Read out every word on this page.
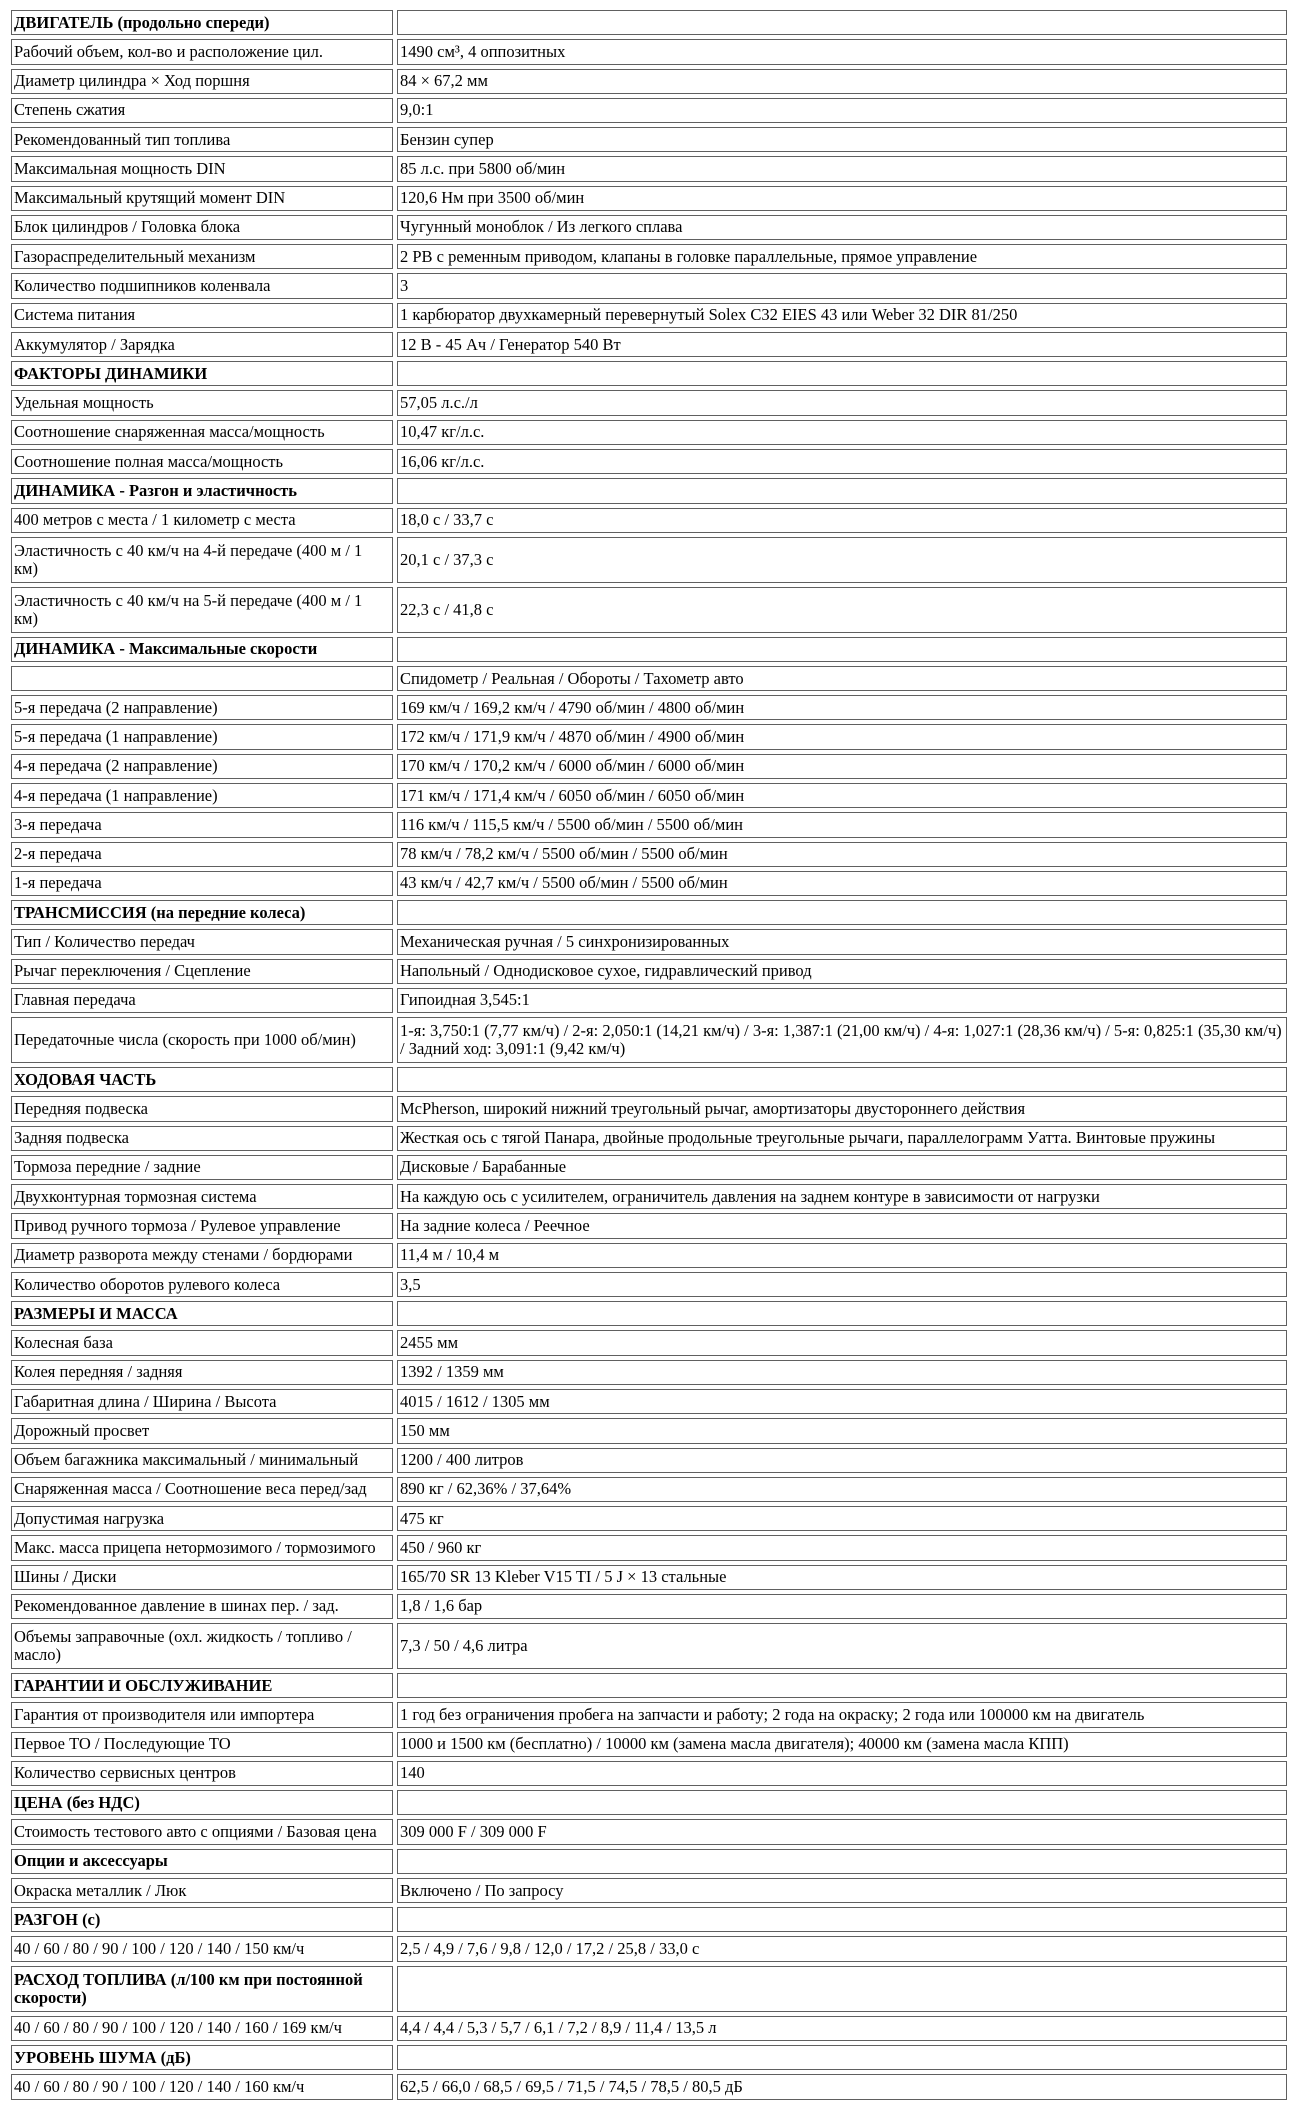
ДВИГАТЕЛЬ (продольно спереди)	
Рабочий объем, кол-во и расположение цил.	1490 см³, 4 оппозитных
Диаметр цилиндра × Ход поршня	84 × 67,2 мм
Степень сжатия	9,0:1
Рекомендованный тип топлива	Бензин супер
Максимальная мощность DIN	85 л.с. при 5800 об/мин
Максимальный крутящий момент DIN	120,6 Нм при 3500 об/мин
Блок цилиндров / Головка блока	Чугунный моноблок / Из легкого сплава
Газораспределительный механизм	2 РВ с ременным приводом, клапаны в головке параллельные, прямое управление
Количество подшипников коленвала	3
Система питания	1 карбюратор двухкамерный перевернутый Solex C32 EIES 43 или Weber 32 DIR 81/250
Аккумулятор / Зарядка	12 В - 45 Ач / Генератор 540 Вт
ФАКТОРЫ ДИНАМИКИ	
Удельная мощность	57,05 л.с./л
Соотношение снаряженная масса/мощность	10,47 кг/л.с.
Соотношение полная масса/мощность	16,06 кг/л.с.
ДИНАМИКА - Разгон и эластичность	
400 метров с места / 1 километр с места	18,0 с / 33,7 с
Эластичность с 40 км/ч на 4-й передаче (400 м / 1 км)	20,1 с / 37,3 с
Эластичность с 40 км/ч на 5-й передаче (400 м / 1 км)	22,3 с / 41,8 с
ДИНАМИКА - Максимальные скорости	
	Спидометр / Реальная / Обороты / Тахометр авто
5-я передача (2 направление)	169 км/ч / 169,2 км/ч / 4790 об/мин / 4800 об/мин
5-я передача (1 направление)	172 км/ч / 171,9 км/ч / 4870 об/мин / 4900 об/мин
4-я передача (2 направление)	170 км/ч / 170,2 км/ч / 6000 об/мин / 6000 об/мин
4-я передача (1 направление)	171 км/ч / 171,4 км/ч / 6050 об/мин / 6050 об/мин
3-я передача	116 км/ч / 115,5 км/ч / 5500 об/мин / 5500 об/мин
2-я передача	78 км/ч / 78,2 км/ч / 5500 об/мин / 5500 об/мин
1-я передача	43 км/ч / 42,7 км/ч / 5500 об/мин / 5500 об/мин
ТРАНСМИССИЯ (на передние колеса)	
Тип / Количество передач	Механическая ручная / 5 синхронизированных
Рычаг переключения / Сцепление	Напольный / Однодисковое сухое, гидравлический привод
Главная передача	Гипоидная 3,545:1
Передаточные числа (скорость при 1000 об/мин)	1-я: 3,750:1 (7,77 км/ч) / 2-я: 2,050:1 (14,21 км/ч) / 3-я: 1,387:1 (21,00 км/ч) / 4-я: 1,027:1 (28,36 км/ч) / 5-я: 0,825:1 (35,30 км/ч) / Задний ход: 3,091:1 (9,42 км/ч)
ХОДОВАЯ ЧАСТЬ	
Передняя подвеска	McPherson, широкий нижний треугольный рычаг, амортизаторы двустороннего действия
Задняя подвеска	Жесткая ось с тягой Панара, двойные продольные треугольные рычаги, параллелограмм Уатта. Винтовые пружины
Тормоза передние / задние	Дисковые / Барабанные
Двухконтурная тормозная система	На каждую ось с усилителем, ограничитель давления на заднем контуре в зависимости от нагрузки
Привод ручного тормоза / Рулевое управление	На задние колеса / Реечное
Диаметр разворота между стенами / бордюрами	11,4 м / 10,4 м
Количество оборотов рулевого колеса	3,5
РАЗМЕРЫ И МАССА	
Колесная база	2455 мм
Колея передняя / задняя	1392 / 1359 мм
Габаритная длина / Ширина / Высота	4015 / 1612 / 1305 мм
Дорожный просвет	150 мм
Объем багажника максимальный / минимальный	1200 / 400 литров
Снаряженная масса / Соотношение веса перед/зад	890 кг / 62,36% / 37,64%
Допустимая нагрузка	475 кг
Макс. масса прицепа нетормозимого / тормозимого	450 / 960 кг
Шины / Диски	165/70 SR 13 Kleber V15 TI / 5 J × 13 стальные
Рекомендованное давление в шинах пер. / зад.	1,8 / 1,6 бар
Объемы заправочные (охл. жидкость / топливо / масло)	7,3 / 50 / 4,6 литра
ГАРАНТИИ И ОБСЛУЖИВАНИЕ	
Гарантия от производителя или импортера	1 год без ограничения пробега на запчасти и работу; 2 года на окраску; 2 года или 100000 км на двигатель
Первое ТО / Последующие ТО	1000 и 1500 км (бесплатно) / 10000 км (замена масла двигателя); 40000 км (замена масла КПП)
Количество сервисных центров	140
ЦЕНА (без НДС)	
Стоимость тестового авто с опциями / Базовая цена	309 000 F / 309 000 F
Опции и аксессуары	
Окраска металлик / Люк	Включено / По запросу
РАЗГОН (с)	
40 / 60 / 80 / 90 / 100 / 120 / 140 / 150 км/ч	2,5 / 4,9 / 7,6 / 9,8 / 12,0 / 17,2 / 25,8 / 33,0 с
РАСХОД ТОПЛИВА (л/100 км при постоянной скорости)	
40 / 60 / 80 / 90 / 100 / 120 / 140 / 160 / 169 км/ч	4,4 / 4,4 / 5,3 / 5,7 / 6,1 / 7,2 / 8,9 / 11,4 / 13,5 л
УРОВЕНЬ ШУМА (дБ)	
40 / 60 / 80 / 90 / 100 / 120 / 140 / 160 км/ч	62,5 / 66,0 / 68,5 / 69,5 / 71,5 / 74,5 / 78,5 / 80,5 дБ
